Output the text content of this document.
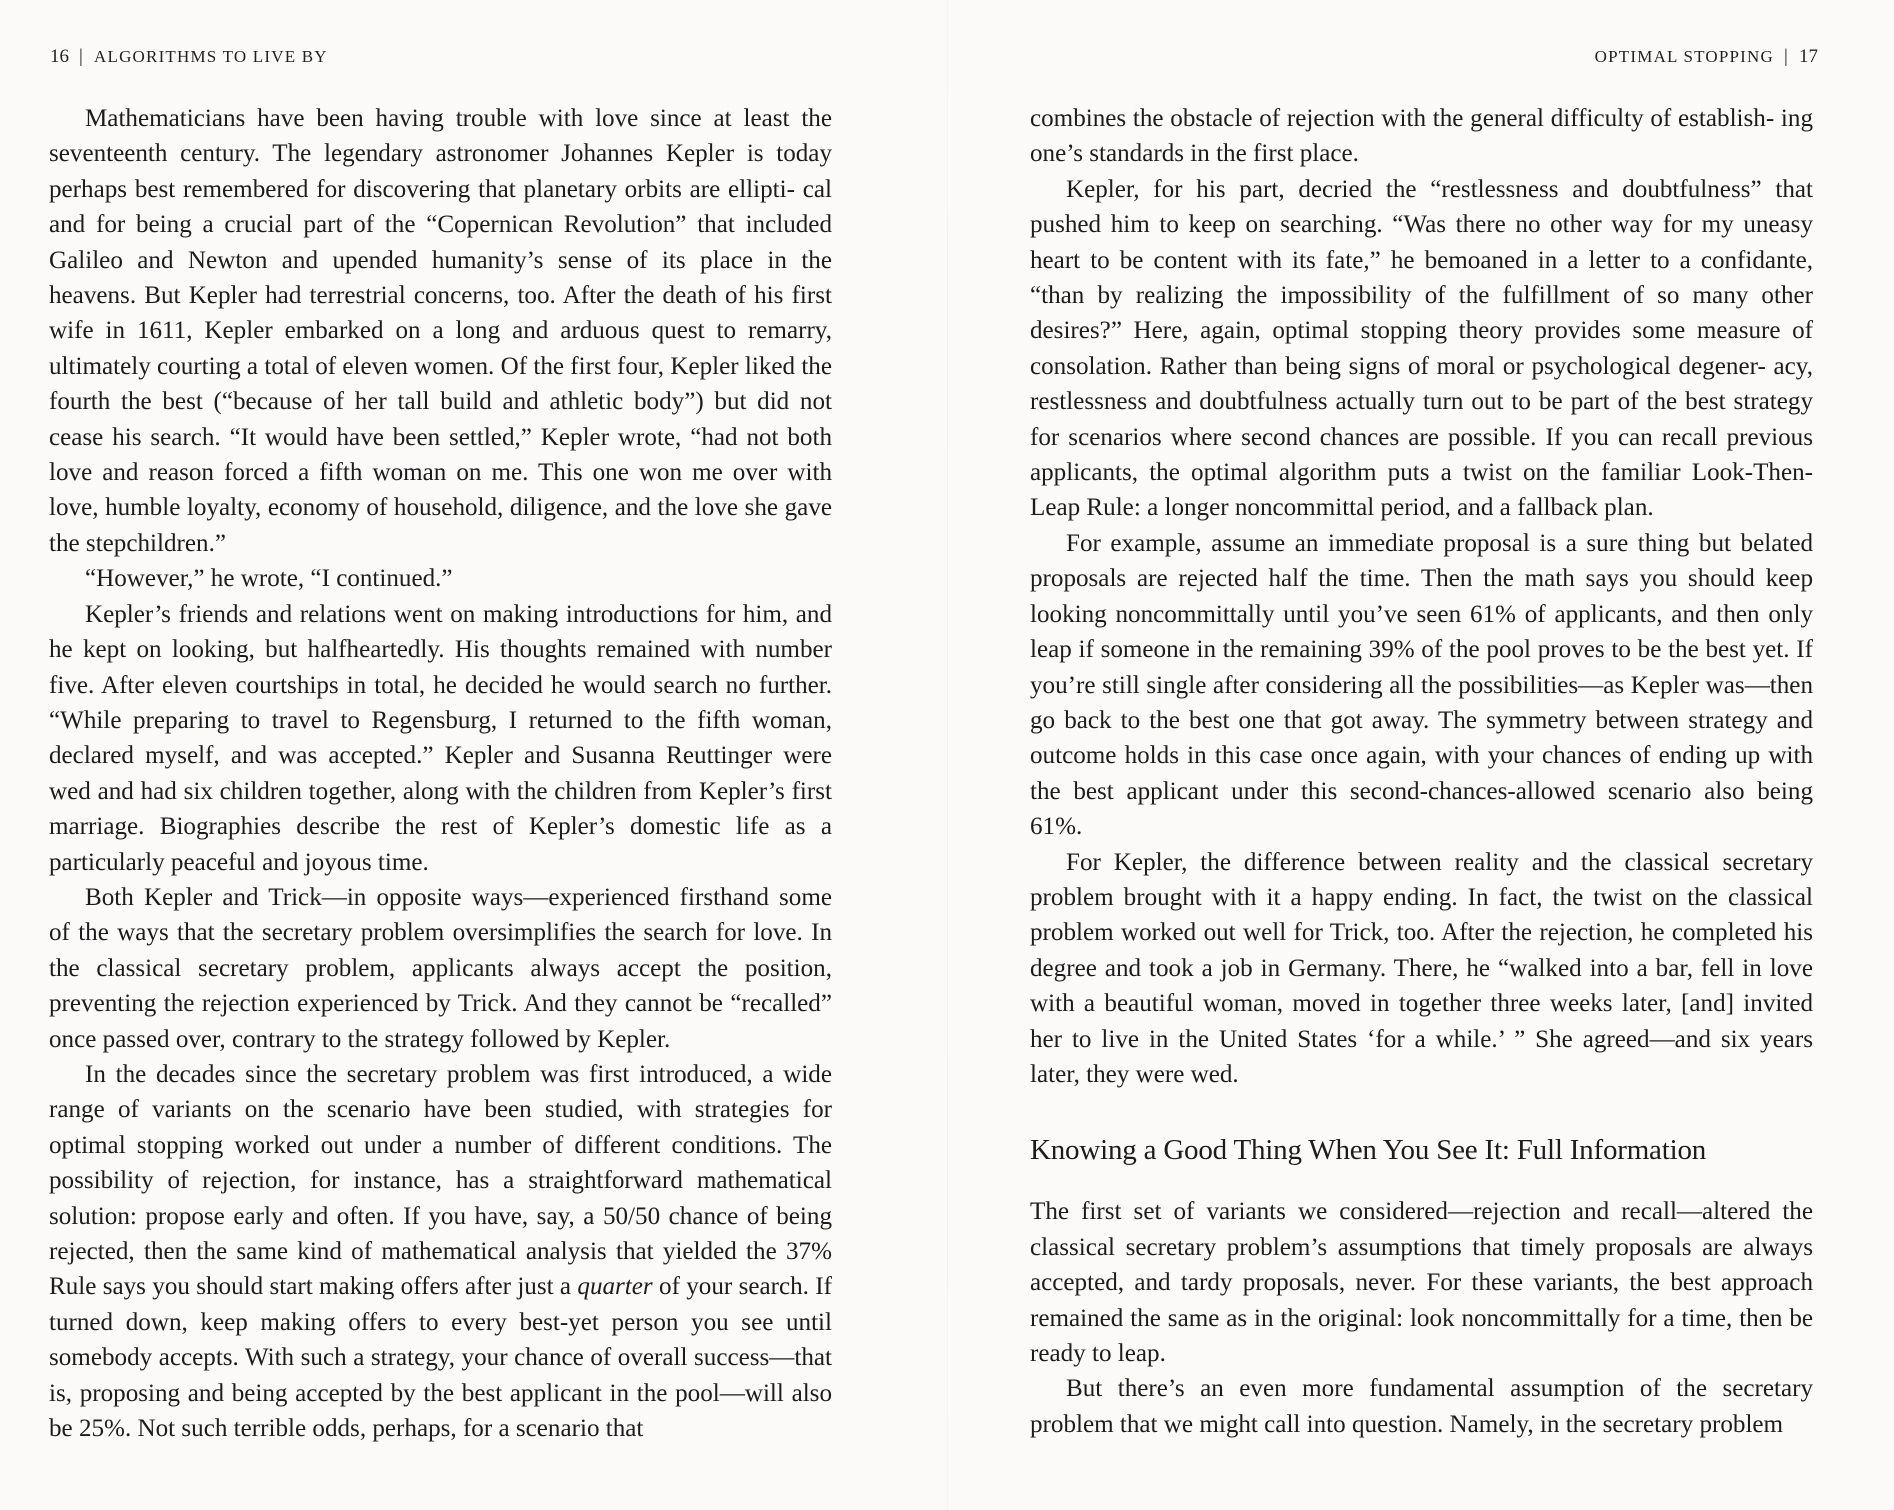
16 | ALGORITHMS TO LIVE BY

Mathematicians have been having trouble with love since at least the seventeenth century. The legendary astronomer Johannes Kepler is today perhaps best remembered for discovering that planetary orbits are ellipti- cal and for being a crucial part of the “Copernican Revolution” that included Galileo and Newton and upended humanity’s sense of its place in the heavens. But Kepler had terrestrial concerns, too. After the death of his first wife in 1611, Kepler embarked on a long and arduous quest to remarry, ultimately courting a total of eleven women. Of the first four, Kepler liked the fourth the best (“because of her tall build and athletic body”) but did not cease his search. “It would have been settled,” Kepler wrote, “had not both love and reason forced a fifth woman on me. This one won me over with love, humble loyalty, economy of household, diligence, and the love she gave the stepchildren.”

“However,” he wrote, “I continued.”

Kepler’s friends and relations went on making introductions for him, and he kept on looking, but halfheartedly. His thoughts remained with number five. After eleven courtships in total, he decided he would search no further. “While preparing to travel to Regensburg, I returned to the fifth woman, declared myself, and was accepted.” Kepler and Susanna Reuttinger were wed and had six children together, along with the children from Kepler’s first marriage. Biographies describe the rest of Kepler’s domestic life as a particularly peaceful and joyous time.

Both Kepler and Trick—in opposite ways—experienced firsthand some of the ways that the secretary problem oversimplifies the search for love. In the classical secretary problem, applicants always accept the position, preventing the rejection experienced by Trick. And they cannot be “recalled” once passed over, contrary to the strategy followed by Kepler.

In the decades since the secretary problem was first introduced, a wide range of variants on the scenario have been studied, with strategies for optimal stopping worked out under a number of different conditions. The possibility of rejection, for instance, has a straightforward mathematical solution: propose early and often. If you have, say, a 50/50 chance of being rejected, then the same kind of mathematical analysis that yielded the 37% Rule says you should start making offers after just a quarter of your search. If turned down, keep making offers to every best-yet person you see until somebody accepts. With such a strategy, your chance of overall success—that is, proposing and being accepted by the best applicant in the pool—will also be 25%. Not such terrible odds, perhaps, for a scenario that

OPTIMAL STOPPING | 17

combines the obstacle of rejection with the general difficulty of establish- ing one’s standards in the first place.

Kepler, for his part, decried the “restlessness and doubtfulness” that pushed him to keep on searching. “Was there no other way for my uneasy heart to be content with its fate,” he bemoaned in a letter to a confidante, “than by realizing the impossibility of the fulfillment of so many other desires?” Here, again, optimal stopping theory provides some measure of consolation. Rather than being signs of moral or psychological degener- acy, restlessness and doubtfulness actually turn out to be part of the best strategy for scenarios where second chances are possible. If you can recall previous applicants, the optimal algorithm puts a twist on the familiar Look-Then-Leap Rule: a longer noncommittal period, and a fallback plan.

For example, assume an immediate proposal is a sure thing but belated proposals are rejected half the time. Then the math says you should keep looking noncommittally until you’ve seen 61% of applicants, and then only leap if someone in the remaining 39% of the pool proves to be the best yet. If you’re still single after considering all the possibilities—as Kepler was—then go back to the best one that got away. The symmetry between strategy and outcome holds in this case once again, with your chances of ending up with the best applicant under this second-chances-allowed scenario also being 61%.

For Kepler, the difference between reality and the classical secretary problem brought with it a happy ending. In fact, the twist on the classical problem worked out well for Trick, too. After the rejection, he completed his degree and took a job in Germany. There, he “walked into a bar, fell in love with a beautiful woman, moved in together three weeks later, [and] invited her to live in the United States ‘for a while.’ ” She agreed—and six years later, they were wed.

Knowing a Good Thing When You See It: Full Information

The first set of variants we considered—rejection and recall—altered the classical secretary problem’s assumptions that timely proposals are always accepted, and tardy proposals, never. For these variants, the best approach remained the same as in the original: look noncommittally for a time, then be ready to leap.

But there’s an even more fundamental assumption of the secretary problem that we might call into question. Namely, in the secretary problem
